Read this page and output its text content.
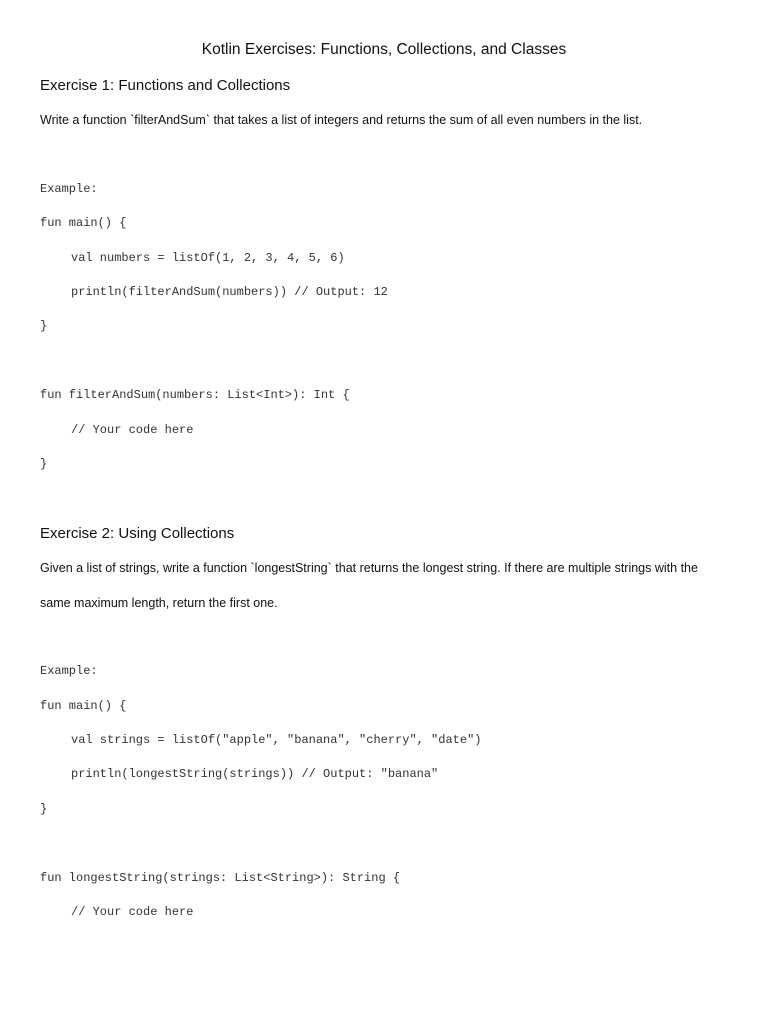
Kotlin Exercises: Functions, Collections, and Classes
Exercise 1: Functions and Collections
Write a function `filterAndSum` that takes a list of integers and returns the sum of all even numbers in the list.
Example:
fun main() {
val numbers = listOf(1, 2, 3, 4, 5, 6)
println(filterAndSum(numbers)) // Output: 12
}
fun filterAndSum(numbers: List<Int>): Int {
// Your code here
}
Exercise 2: Using Collections
Given a list of strings, write a function `longestString` that returns the longest string. If there are multiple strings with the
same maximum length, return the first one.
Example:
fun main() {
val strings = listOf("apple", "banana", "cherry", "date")
println(longestString(strings)) // Output: "banana"
}
fun longestString(strings: List<String>): String {
// Your code here
